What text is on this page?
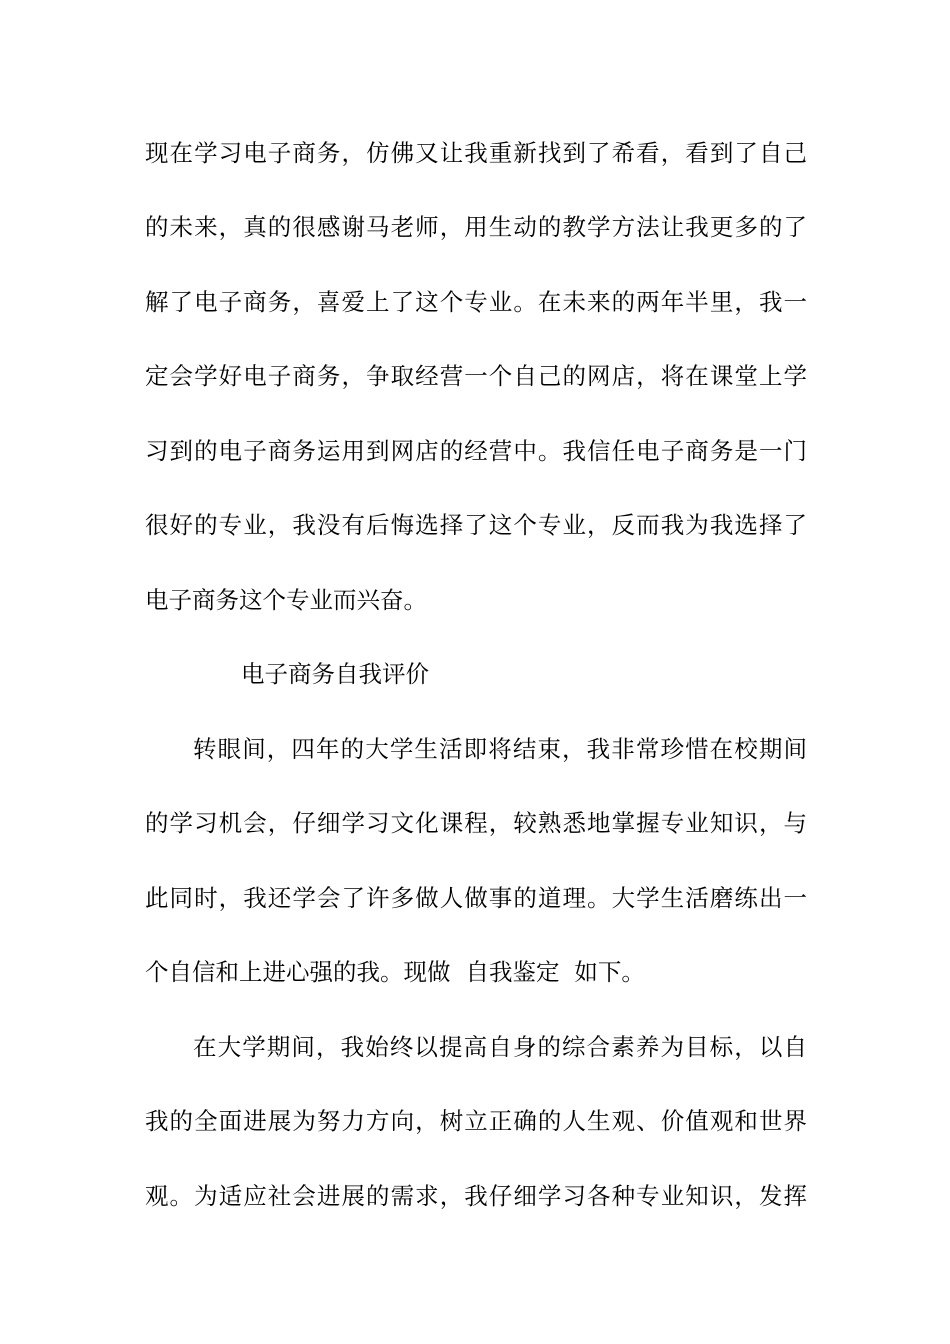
现在学习电子商务，仿佛又让我重新找到了希看，看到了自己
的未来，真的很感谢马老师，用生动的教学方法让我更多的了
解了电子商务，喜爱上了这个专业。在未来的两年半里，我一
定会学好电子商务，争取经营一个自己的网店，将在课堂上学
习到的电子商务运用到网店的经营中。我信任电子商务是一门
很好的专业，我没有后悔选择了这个专业，反而我为我选择了
电子商务这个专业而兴奋。
电子商务自我评价
转眼间，四年的大学生活即将结束，我非常珍惜在校期间
的学习机会，仔细学习文化课程，较熟悉地掌握专业知识，与
此同时，我还学会了许多做人做事的道理。大学生活磨练出一
个自信和上进心强的我。现做  自我鉴定  如下。
在大学期间，我始终以提高自身的综合素养为目标，以自
我的全面进展为努力方向，树立正确的人生观、价值观和世界
观。为适应社会进展的需求，我仔细学习各种专业知识，发挥
